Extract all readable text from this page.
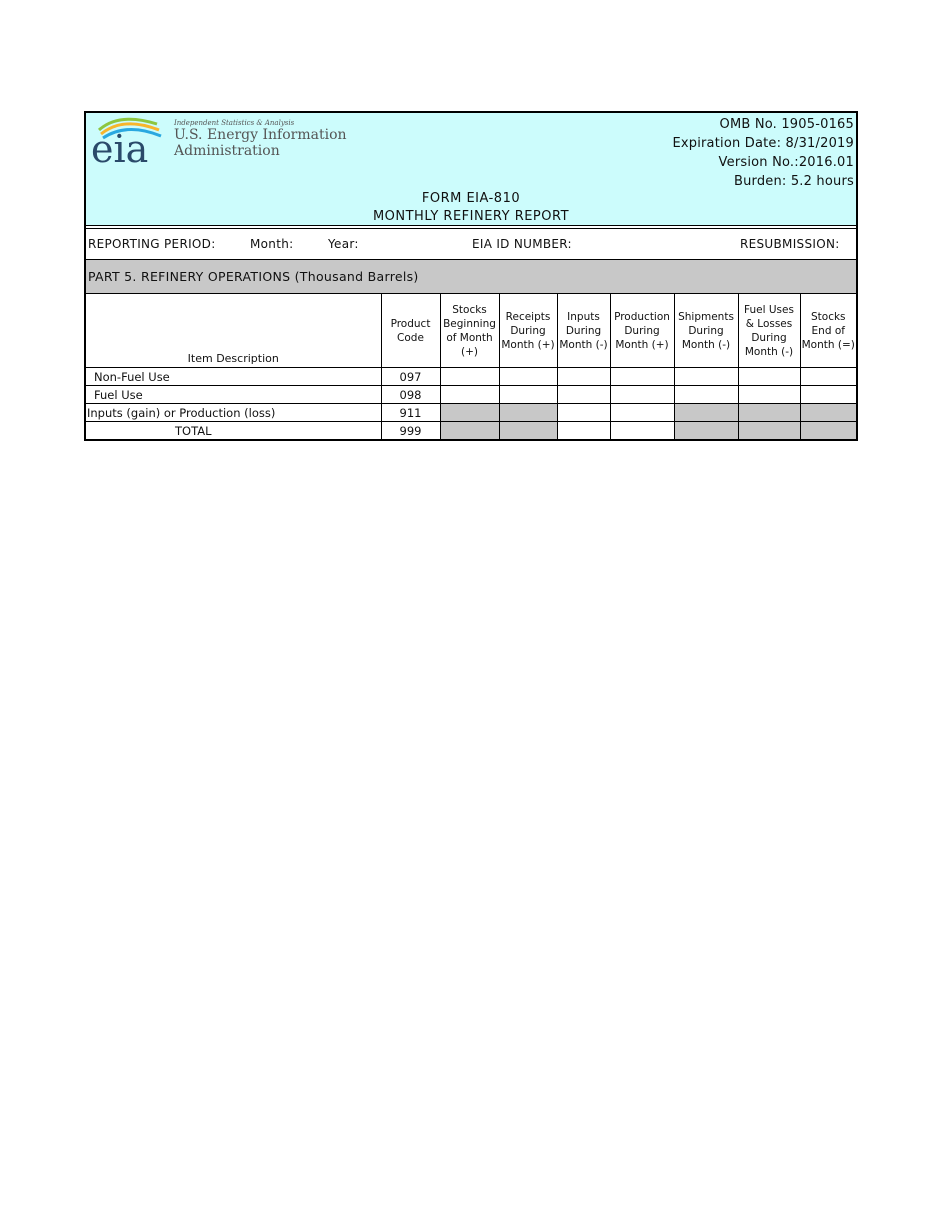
eia
Independent Statistics & Analysis
U.S. Energy Information
Administration
OMB No. 1905-0165
Expiration Date: 8/31/2019
Version No.:2016.01
Burden: 5.2 hours
FORM EIA-810
MONTHLY REFINERY REPORT
REPORTING PERIOD:	Month:	Year:	EIA ID NUMBER:	RESUBMISSION:
PART 5. REFINERY OPERATIONS (Thousand Barrels)
Item Description	Product Code	Stocks Beginning of Month (+)	Receipts During Month (+)	Inputs During Month (-)	Production During Month (+)	Shipments During Month (-)	Fuel Uses & Losses During Month (-)	Stocks End of Month (=)
Non-Fuel Use	097							
Fuel Use	098							
Inputs (gain) or Production (loss)	911							
TOTAL	999							
